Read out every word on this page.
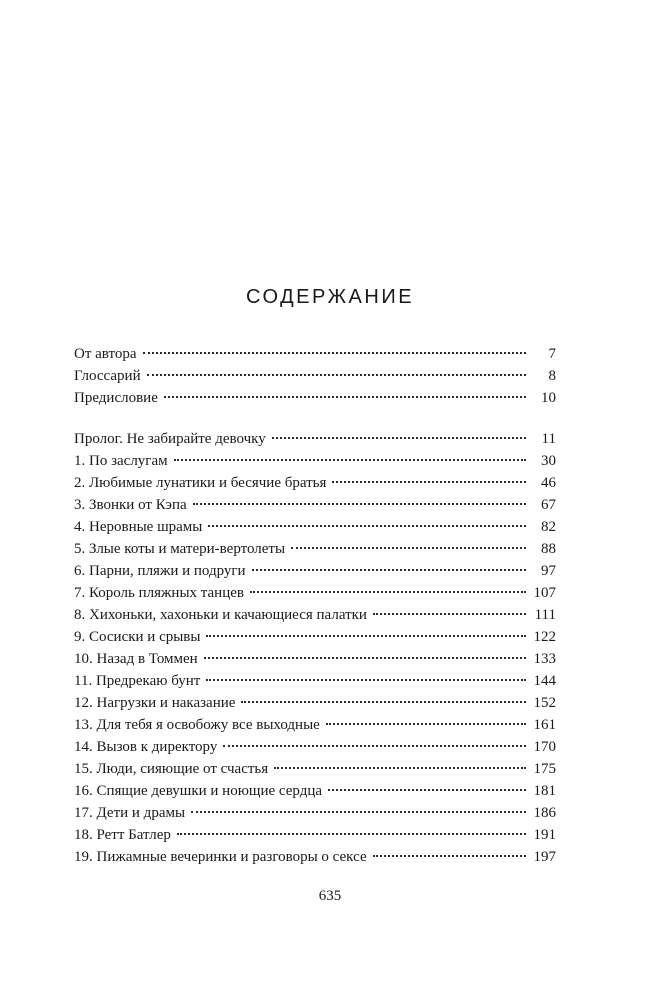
СОДЕРЖАНИЕ
От автора	7
Глоссарий	8
Предисловие	10
Пролог. Не забирайте девочку	11
1. По заслугам	30
2. Любимые лунатики и бесячие братья	46
3. Звонки от Кэпа	67
4. Неровные шрамы	82
5. Злые коты и матери-вертолеты	88
6. Парни, пляжи и подруги	97
7. Король пляжных танцев	107
8. Хихоньки, хахоньки и качающиеся палатки	111
9. Сосиски и срывы	122
10. Назад в Томмен	133
11. Предрекаю бунт	144
12. Нагрузки и наказание	152
13. Для тебя я освобожу все выходные	161
14. Вызов к директору	170
15. Люди, сияющие от счастья	175
16. Спящие девушки и ноющие сердца	181
17. Дети и драмы	186
18. Ретт Батлер	191
19. Пижамные вечеринки и разговоры о сексе	197
635
